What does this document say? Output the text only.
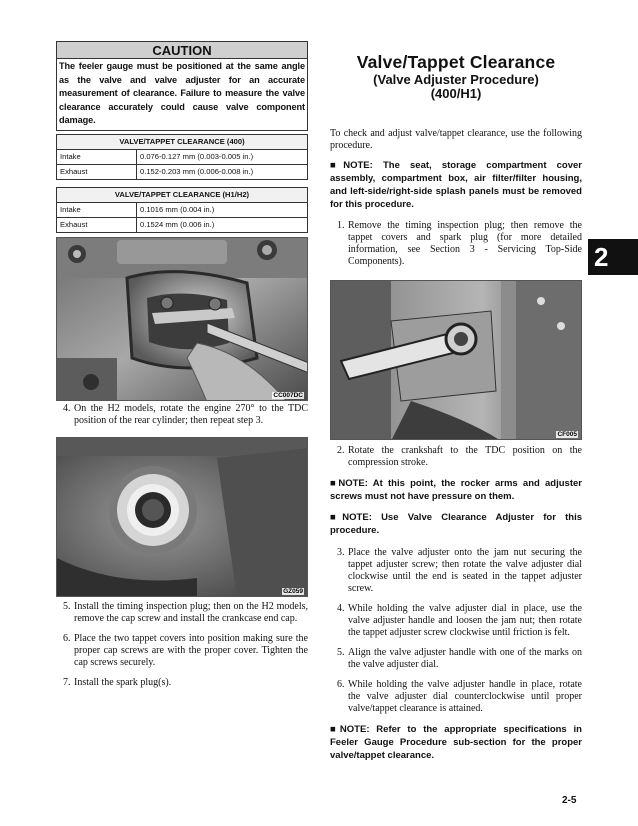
CAUTION
The feeler gauge must be positioned at the same angle as the valve and valve adjuster for an accurate measurement of clearance. Failure to measure the valve clearance accurately could cause valve component damage.
VALVE/TAPPET CLEARANCE (400)	
Intake	0.076-0.127 mm (0.003-0.005 in.)
Exhaust	0.152-0.203 mm (0.006-0.008 in.)
VALVE/TAPPET CLEARANCE (H1/H2)	
Intake	0.1016 mm (0.004 in.)
Exhaust	0.1524 mm (0.006 in.)
CC007DC
4. On the H2 models, rotate the engine 270° to the TDC position of the rear cylinder; then repeat step 3.
GZ059
5. Install the timing inspection plug; then on the H2 models, remove the cap screw and install the crankcase end cap.
6. Place the two tappet covers into position making sure the proper cap screws are with the proper cover. Tighten the cap screws securely.
7. Install the spark plug(s).
Valve/Tappet Clearance
(Valve Adjuster Procedure)
(400/H1)
To check and adjust valve/tappet clearance, use the following procedure.
■NOTE: The seat, storage compartment cover assembly, compartment box, air filter/filter housing, and left-side/right-side splash panels must be removed for this procedure.
1. Remove the timing inspection plug; then remove the tappet covers and spark plug (for more detailed information, see Section 3 - Servicing Top-Side Components).
CF005
2. Rotate the crankshaft to the TDC position on the compression stroke.
■NOTE: At this point, the rocker arms and adjuster screws must not have pressure on them.
■NOTE: Use Valve Clearance Adjuster for this procedure.
3. Place the valve adjuster onto the jam nut securing the tappet adjuster screw; then rotate the valve adjuster dial clockwise until the end is seated in the tappet adjuster screw.
4. While holding the valve adjuster dial in place, use the valve adjuster handle and loosen the jam nut; then rotate the tappet adjuster screw clockwise until friction is felt.
5. Align the valve adjuster handle with one of the marks on the valve adjuster dial.
6. While holding the valve adjuster handle in place, rotate the valve adjuster dial counterclockwise until proper valve/tappet clearance is attained.
■NOTE: Refer to the appropriate specifications in Feeler Gauge Procedure sub-section for the proper valve/tappet clearance.
2
2-5
